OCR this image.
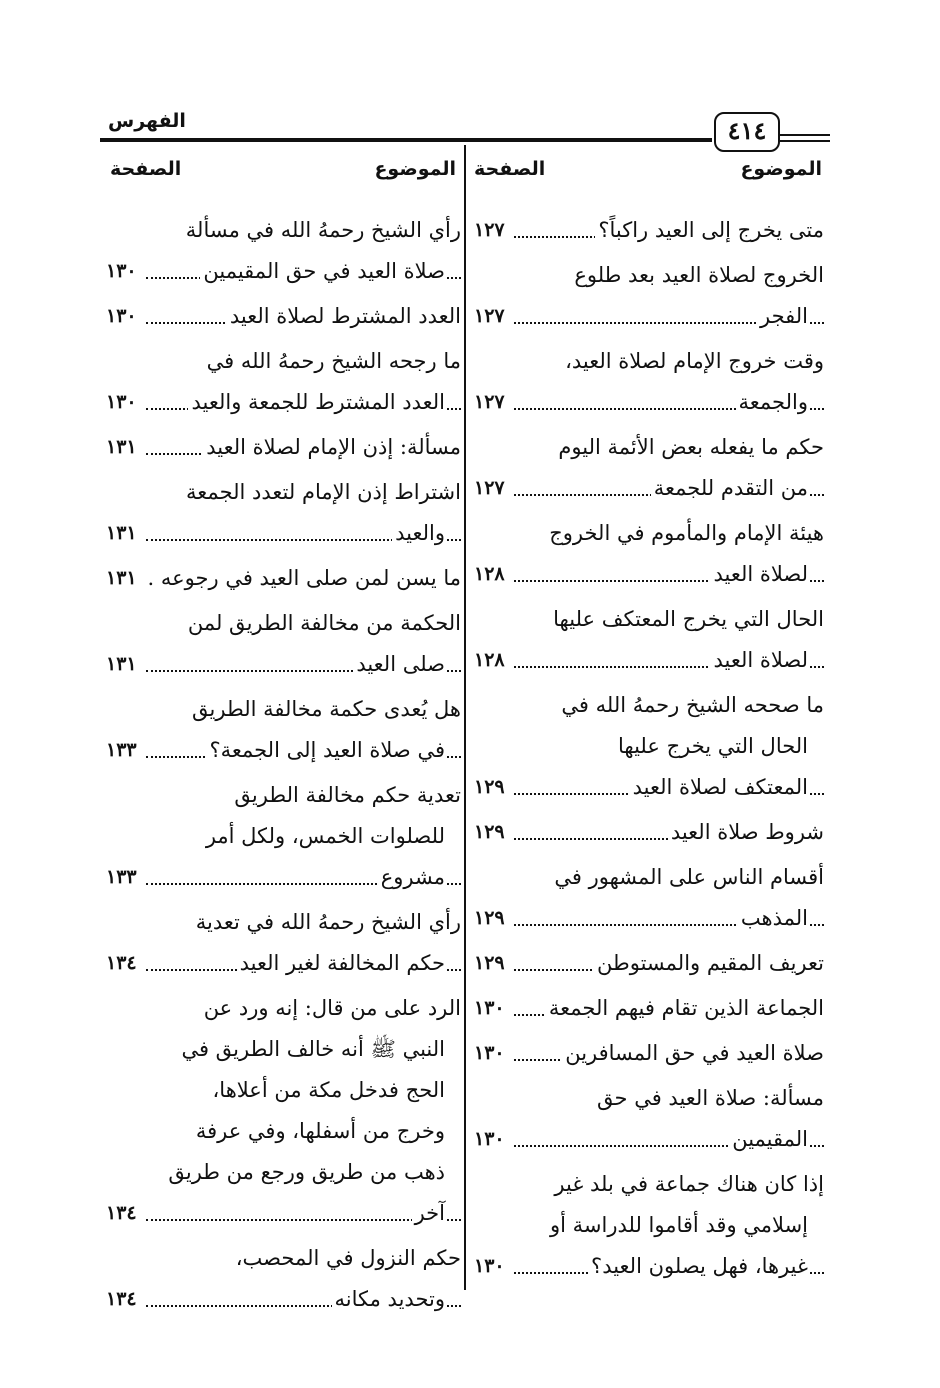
الفهرس	٤١٤
الموضوع
الصفحة
الموضوع
الصفحة
متى يخرج إلى العيد راكباً؟
١٢٧
الخروج لصلاة العيد بعد طلوع
الفجر
١٢٧
وقت خروج الإمام لصلاة العيد،
والجمعة
١٢٧
حكم ما يفعله بعض الأئمة اليوم
من التقدم للجمعة
١٢٧
هيئة الإمام والمأموم في الخروج
لصلاة العيد
١٢٨
الحال التي يخرج المعتكف عليها
لصلاة العيد
١٢٨
ما صححه الشيخ رحمهُ الله في
الحال التي يخرج عليها
المعتكف لصلاة العيد
١٢٩
شروط صلاة العيد
١٢٩
أقسام الناس على المشهور في
المذهب
١٢٩
تعريف المقيم والمستوطن
١٢٩
الجماعة الذين تقام فيهم الجمعة
١٣٠
صلاة العيد في حق المسافرين
١٣٠
مسألة: صلاة العيد في حق
المقيمين
١٣٠
إذا كان هناك جماعة في بلد غير
إسلامي وقد أقاموا للدراسة أو
غيرها، فهل يصلون العيد؟
١٣٠
رأي الشيخ رحمهُ الله في مسألة
صلاة العيد في حق المقيمين
١٣٠
العدد المشترط لصلاة العيد
١٣٠
ما رجحه الشيخ رحمهُ الله في
العدد المشترط للجمعة والعيد
١٣٠
مسألة: إذن الإمام لصلاة العيد
١٣١
اشتراط إذن الإمام لتعدد الجمعة
والعيد
١٣١
ما يسن لمن صلى العيد في رجوعه .
١٣١
الحكمة من مخالفة الطريق لمن
صلى العيد
١٣١
هل يُعدى حكمة مخالفة الطريق
في صلاة العيد إلى الجمعة؟
١٣٣
تعدية حكم مخالفة الطريق
للصلوات الخمس، ولكل أمر
مشروع
١٣٣
رأي الشيخ رحمهُ الله في تعدية
حكم المخالفة لغير العيد
١٣٤
الرد على من قال: إنه ورد عن
النبي ﷺ أنه خالف الطريق في
الحج فدخل مكة من أعلاها،
وخرج من أسفلها، وفي عرفة
ذهب من طريق ورجع من طريق
آخر
١٣٤
حكم النزول في المحصب،
وتحديد مكانه
١٣٤
